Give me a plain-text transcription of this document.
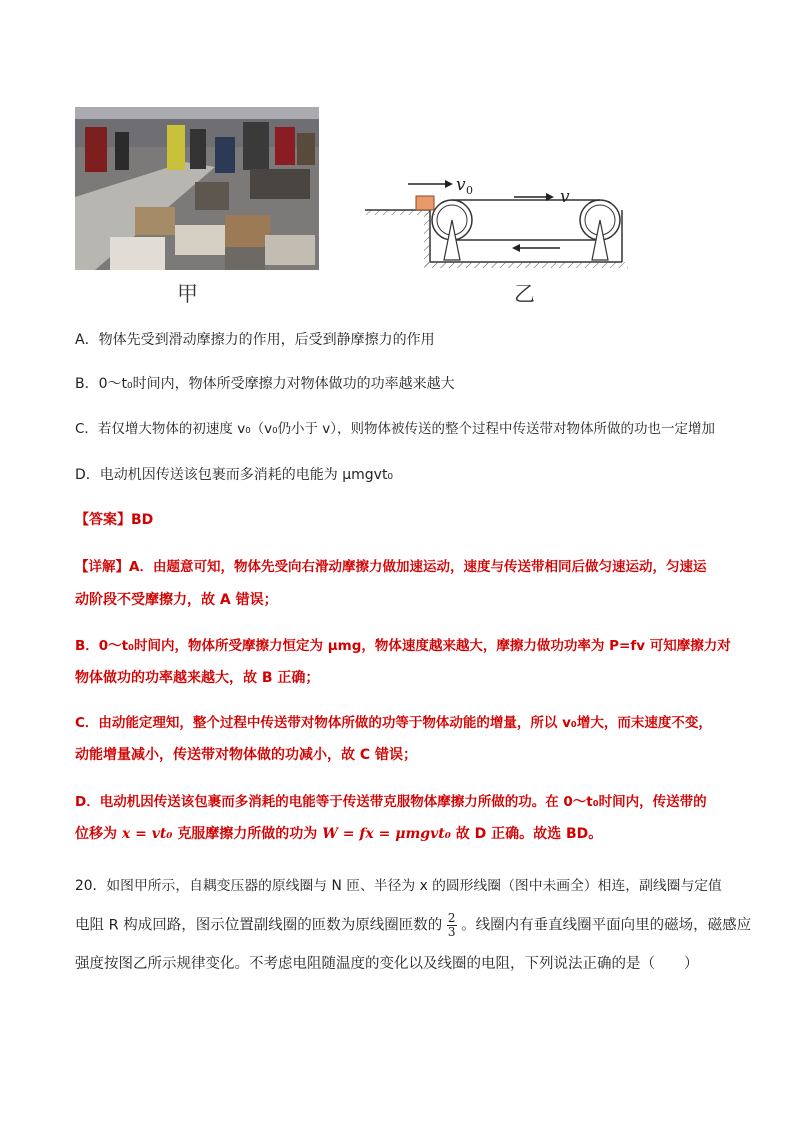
甲
v 0	v
乙
A．物体先受到滑动摩擦力的作用，后受到静摩擦力的作用
B．0～t₀时间内，物体所受摩擦力对物体做功的功率越来越大
C．若仅增大物体的初速度 v₀（v₀仍小于 v），则物体被传送的整个过程中传送带对物体所做的功也一定增加
D．电动机因传送该包裹而多消耗的电能为 μmgvt₀
【答案】BD
【详解】A．由题意可知，物体先受向右滑动摩擦力做加速运动，速度与传送带相同后做匀速运动，匀速运
动阶段不受摩擦力，故 A 错误；
B．0～t₀时间内，物体所受摩擦力恒定为 μmg，物体速度越来越大，摩擦力做功功率为 P=fv 可知摩擦力对
物体做功的功率越来越大，故 B 正确；
C．由动能定理知，整个过程中传送带对物体所做的功等于物体动能的增量，所以 v₀增大，而末速度不变，
动能增量减小，传送带对物体做的功减小，故 C 错误；
D．电动机因传送该包裹而多消耗的电能等于传送带克服物体摩擦力所做的功。在 0～t₀时间内，传送带的
位移为 x = vt₀ 克服摩擦力所做的功为 W = fx = μmgvt₀ 故 D 正确。故选 BD。
20．如图甲所示，自耦变压器的原线圈与 N 匝、半径为 x 的圆形线圈（图中未画全）相连，副线圈与定值
电阻 R 构成回路，图示位置副线圈的匝数为原线圈匝数的 $\frac{2}{3}$ 。线圈内有垂直线圈平面向里的磁场，磁感应
强度按图乙所示规律变化。不考虑电阻随温度的变化以及线圈的电阻，下列说法正确的是（　　）
